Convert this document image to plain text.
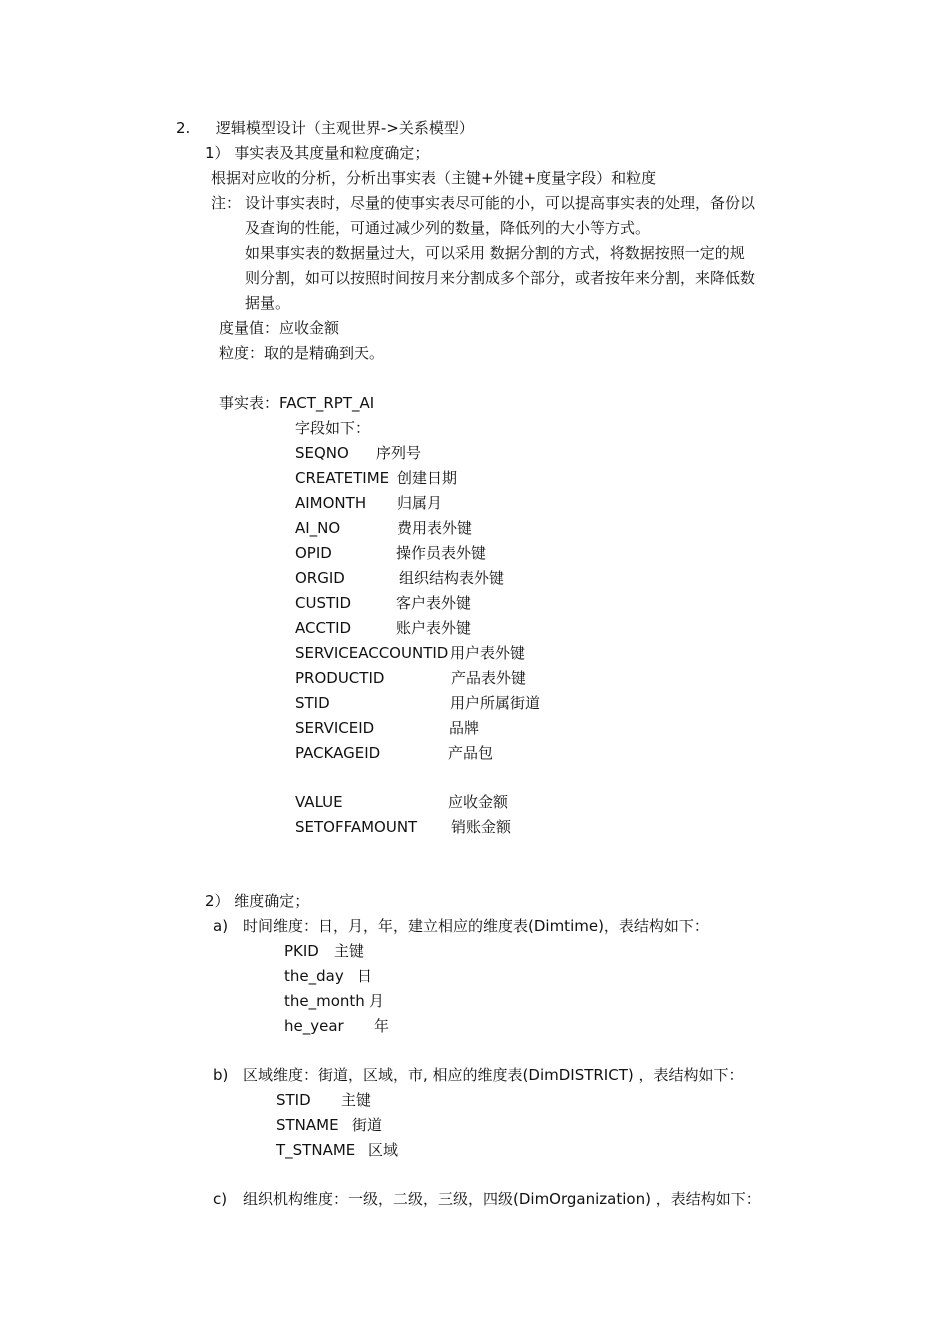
2. 逻辑模型设计（主观世界->关系模型）
1） 事实表及其度量和粒度确定；
根据对应收的分析，分析出事实表（主键+外键+度量字段）和粒度
注： 设计事实表时，尽量的使事实表尽可能的小，可以提高事实表的处理，备份以
及查询的性能，可通过减少列的数量，降低列的大小等方式。
如果事实表的数据量过大，可以采用 数据分割的方式，将数据按照一定的规
则分割，如可以按照时间按月来分割成多个部分，或者按年来分割，来降低数
据量。
度量值：应收金额
粒度：取的是精确到天。
事实表：FACT_RPT_AI
字段如下：
SEQNO 序列号
CREATETIME 创建日期
AIMONTH 归属月
AI_NO	费用表外键
OPID	操作员表外键
ORGID	组织结构表外键
CUSTID	客户表外键
ACCTID	账户表外键
SERVICEACCOUNTID 用户表外键
PRODUCTID	产品表外键
STID	用户所属街道
SERVICEID	品牌
PACKAGEID	产品包
VALUE	应收金额
SETOFFAMOUNT 销账金额
2） 维度确定；
a) 时间维度：日，月，年，建立相应的维度表(Dimtime)，表结构如下：
PKID 主键
the_day 日
the_month 月
he_year 年
b) 区域维度：街道，区域，市, 相应的维度表(DimDISTRICT) ，表结构如下：
STID 主键
STNAME 街道
T_STNAME 区域
c) 组织机构维度：一级，二级，三级，四级(DimOrganization) ，表结构如下：
